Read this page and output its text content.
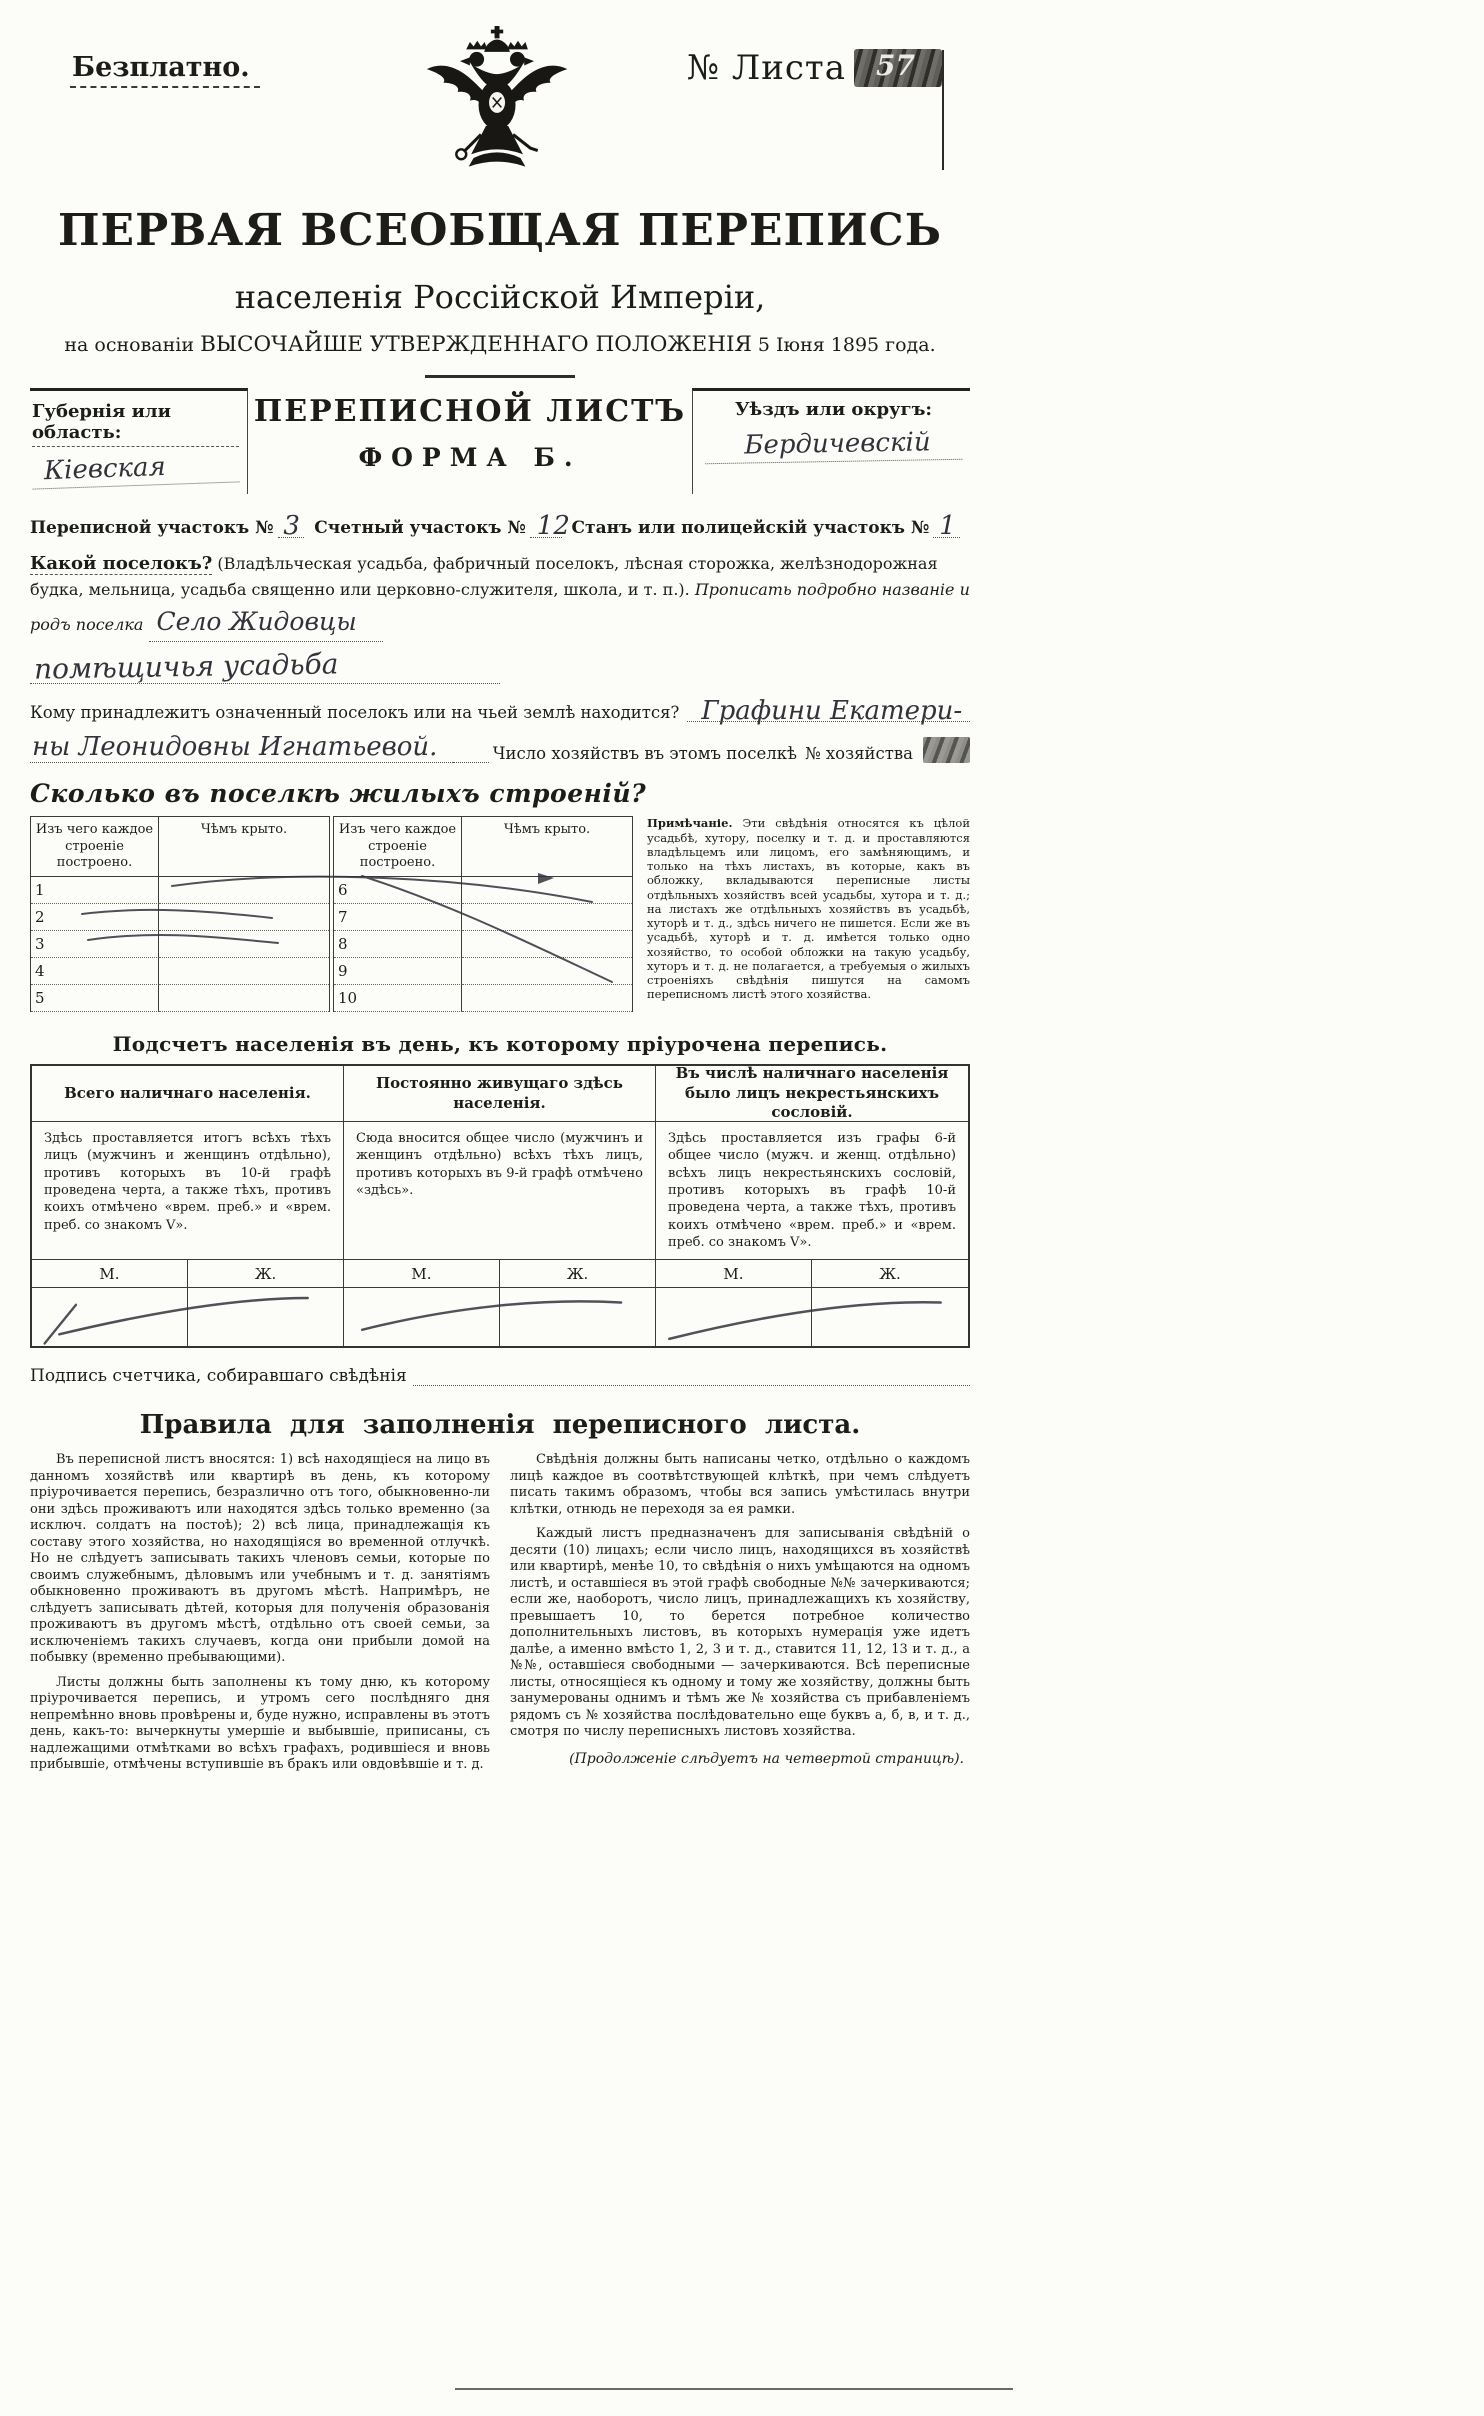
Безплатно.	№ Листа 57
ПЕРВАЯ ВСЕОБЩАЯ ПЕРЕПИСЬ
населенія Россійской Имперіи,
на основаніи ВЫСОЧАЙШЕ УТВЕРЖДЕННАГО ПОЛОЖЕНІЯ 5 Іюня 1895 года.
Губернія или область:
Кіевская
ПЕРЕПИСНОЙ ЛИСТЪ
ФОРМА Б.
Уѣздъ или округъ:
Бердичевскій
Переписной участокъ № 3 Счетный участокъ № 12 Станъ или полицейскій участокъ № 1
Какой поселокъ? (Владѣльческая усадьба, фабричный поселокъ, лѣсная сторожка, желѣзнодорожная будка, мельница, усадьба священно или церковно-служителя, школа, и т. п.). Прописать подробно названіе и родъ поселка Село Жидовцы
помѣщичья усадьба
Кому принадлежитъ означенный поселокъ или на чьей землѣ находится? Графини Екатери-
ны Леонидовны Игнатьевой.	Число хозяйствъ въ этомъ поселкѣ № хозяйства
Сколько въ поселкѣ жилыхъ строеній?
Изъ чего каждое строеніе построено.
Чѣмъ крыто.
1
2
3
4
5
Изъ чего каждое строеніе построено.
Чѣмъ крыто.
6
7
8
9
10
Примѣчаніе. Эти свѣдѣнія относятся къ цѣлой усадьбѣ, хутору, поселку и т. д. и проставляются владѣльцемъ или лицомъ, его замѣняющимъ, и только на тѣхъ листахъ, въ которые, какъ въ обложку, вкладываются переписные листы отдѣльныхъ хозяйствъ всей усадьбы, хутора и т. д.; на листахъ же отдѣльныхъ хозяйствъ въ усадьбѣ, хуторѣ и т. д., здѣсь ничего не пишется. Если же въ усадьбѣ, хуторѣ и т. д. имѣется только одно хозяйство, то особой обложки на такую усадьбу, хуторъ и т. д. не полагается, а требуемыя о жилыхъ строеніяхъ свѣдѣнія пишутся на самомъ переписномъ листѣ этого хозяйства.
Подсчетъ населенія въ день, къ которому пріурочена перепись.
Всего наличнаго населенія.
Постоянно живущаго здѣсь населенія.
Въ числѣ наличнаго населенія было лицъ некрестьянскихъ сословій.
Здѣсь проставляется итогъ всѣхъ тѣхъ лицъ (мужчинъ и женщинъ отдѣльно), противъ которыхъ въ 10-й графѣ проведена черта, а также тѣхъ, противъ коихъ отмѣчено «врем. преб.» и «врем. преб. со знакомъ V».
Сюда вносится общее число (мужчинъ и женщинъ отдѣльно) всѣхъ тѣхъ лицъ, противъ которыхъ въ 9-й графѣ отмѣчено «здѣсь».
Здѣсь проставляется изъ графы 6-й общее число (мужч. и женщ. отдѣльно) всѣхъ лицъ некрестьянскихъ сословій, противъ которыхъ въ графѣ 10-й проведена черта, а также тѣхъ, противъ коихъ отмѣчено «врем. преб.» и «врем. преб. со знакомъ V».
М.	Ж.	М.	Ж.	М.	Ж.
Подпись счетчика, собиравшаго свѣдѣнія
Правила для заполненія переписного листа.

Въ переписной листъ вносятся: 1) всѣ находящіеся на лицо въ данномъ хозяйствѣ или квартирѣ въ день, къ которому пріурочивается перепись, безразлично отъ того, обыкновенно-ли они здѣсь проживаютъ или находятся здѣсь только временно (за исключ. солдатъ на постоѣ); 2) всѣ лица, принадлежащія къ составу этого хозяйства, но находящіяся во временной отлучкѣ. Но не слѣдуетъ записывать такихъ членовъ семьи, которые по своимъ служебнымъ, дѣловымъ или учебнымъ и т. д. занятіямъ обыкновенно проживаютъ въ другомъ мѣстѣ. Напримѣръ, не слѣдуетъ записывать дѣтей, которыя для полученія образованія проживаютъ въ другомъ мѣстѣ, отдѣльно отъ своей семьи, за исключеніемъ такихъ случаевъ, когда они прибыли домой на побывку (временно пребывающими).

Листы должны быть заполнены къ тому дню, къ которому пріурочивается перепись, и утромъ сего послѣдняго дня непремѣнно вновь провѣрены и, буде нужно, исправлены въ этотъ день, какъ-то: вычеркнуты умершіе и выбывшіе, приписаны, съ надлежащими отмѣтками во всѣхъ графахъ, родившіеся и вновь прибывшіе, отмѣчены вступившіе въ бракъ или овдовѣвшіе и т. д.

Свѣдѣнія должны быть написаны четко, отдѣльно о каждомъ лицѣ каждое въ соотвѣтствующей клѣткѣ, при чемъ слѣдуетъ писать такимъ образомъ, чтобы вся запись умѣстилась внутри клѣтки, отнюдь не переходя за ея рамки.

Каждый листъ предназначенъ для записыванія свѣдѣній о десяти (10) лицахъ; если число лицъ, находящихся въ хозяйствѣ или квартирѣ, менѣе 10, то свѣдѣнія о нихъ умѣщаются на одномъ листѣ, и оставшіеся въ этой графѣ свободные №№ зачеркиваются; если же, наоборотъ, число лицъ, принадлежащихъ къ хозяйству, превышаетъ 10, то берется потребное количество дополнительныхъ листовъ, въ которыхъ нумерація уже идетъ далѣе, а именно вмѣсто 1, 2, 3 и т. д., ставится 11, 12, 13 и т. д., а №№, оставшіеся свободными — зачеркиваются. Всѣ переписные листы, относящіеся къ одному и тому же хозяйству, должны быть занумерованы однимъ и тѣмъ же № хозяйства съ прибавленіемъ рядомъ съ № хозяйства послѣдовательно еще буквъ а, б, в, и т. д., смотря по числу переписныхъ листовъ хозяйства.

(Продолженіе слѣдуетъ на четвертой страницѣ).
